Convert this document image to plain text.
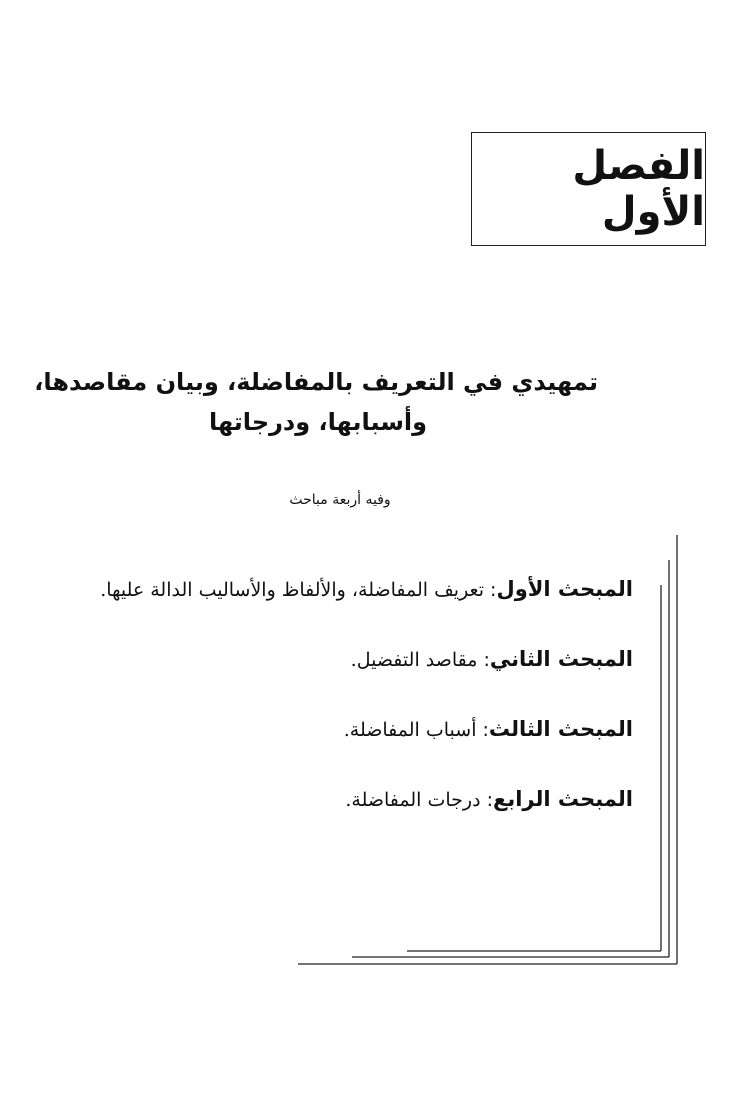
الفصل الأول
تمهيدي في التعريف بالمفاضلة، وبيان مقاصدها،
وأسبابها، ودرجاتها
وفيه أربعة مباحث
المبحث الأول: تعريف المفاضلة، والألفاظ والأساليب الدالة عليها.
المبحث الثاني: مقاصد التفضيل.
المبحث الثالث: أسباب المفاضلة.
المبحث الرابع: درجات المفاضلة.
